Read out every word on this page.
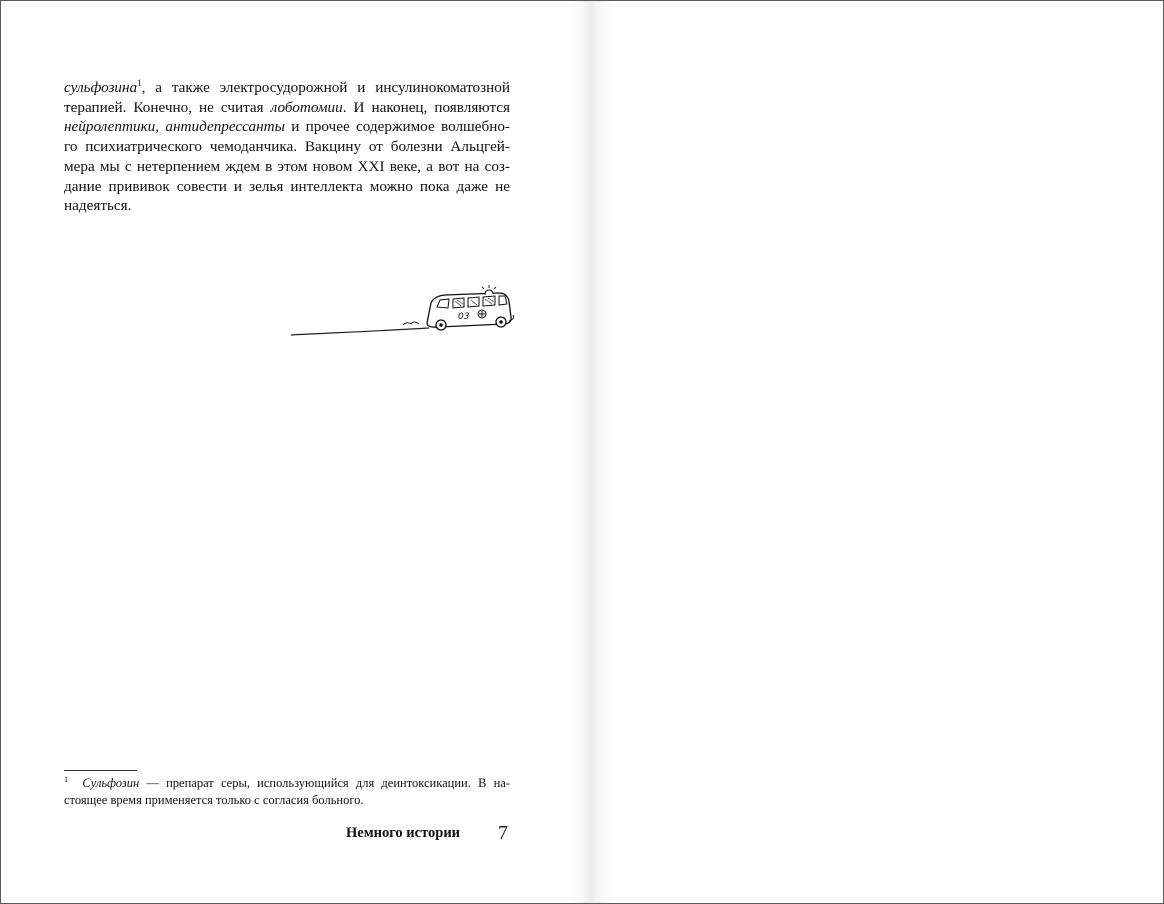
сульфозина$^1$, а также электросудорожной и инсулинокоматозной
терапией. Конечно, не считая лоботомии. И наконец, появляются
нейролептики, антидепрессанты и прочее содержимое волшебно-
го психиатрического чемоданчика. Вакцину от болезни Альцгей-
мера мы с нетерпением ждем в этом новом XXI веке, а вот на соз-
дание прививок совести и зелья интеллекта можно пока даже не
надеяться.
03
$^1$ Сульфозин — препарат серы, использующийся для деинтоксикации. В на-
стоящее время применяется только с согласия больного.
Немного истории 7
